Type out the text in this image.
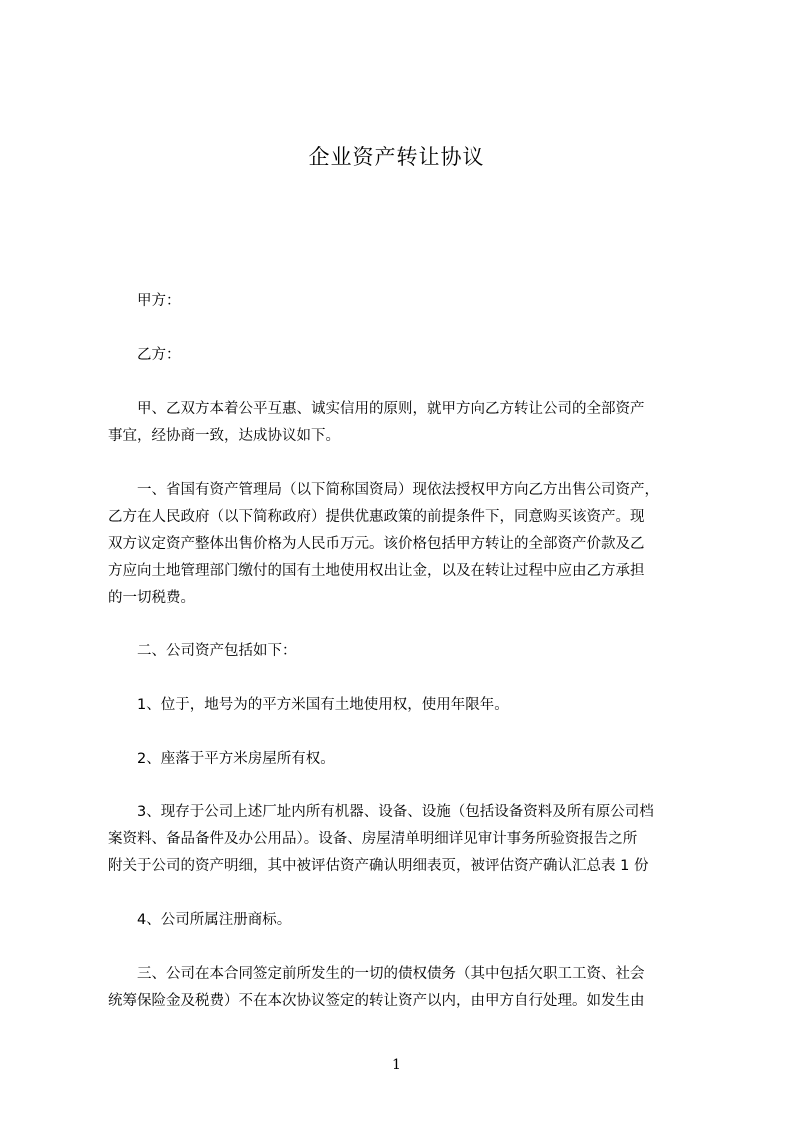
企业资产转让协议
甲方：
乙方：
甲、乙双方本着公平互惠、诚实信用的原则，就甲方向乙方转让公司的全部资产
事宜，经协商一致，达成协议如下。
一、省国有资产管理局（以下简称国资局）现依法授权甲方向乙方出售公司资产，
乙方在人民政府（以下简称政府）提供优惠政策的前提条件下，同意购买该资产。现
双方议定资产整体出售价格为人民币万元。该价格包括甲方转让的全部资产价款及乙
方应向土地管理部门缴付的国有土地使用权出让金，以及在转让过程中应由乙方承担
的一切税费。
二、公司资产包括如下：
1、位于，地号为的平方米国有土地使用权，使用年限年。
2、座落于平方米房屋所有权。
3、现存于公司上述厂址内所有机器、设备、设施（包括设备资料及所有原公司档
案资料、备品备件及办公用品）。设备、房屋清单明细详见审计事务所验资报告之所
附关于公司的资产明细，其中被评估资产确认明细表页，被评估资产确认汇总表 1 份
4、公司所属注册商标。
三、公司在本合同签定前所发生的一切的债权债务（其中包括欠职工工资、社会
统筹保险金及税费）不在本次协议签定的转让资产以内，由甲方自行处理。如发生由
1
